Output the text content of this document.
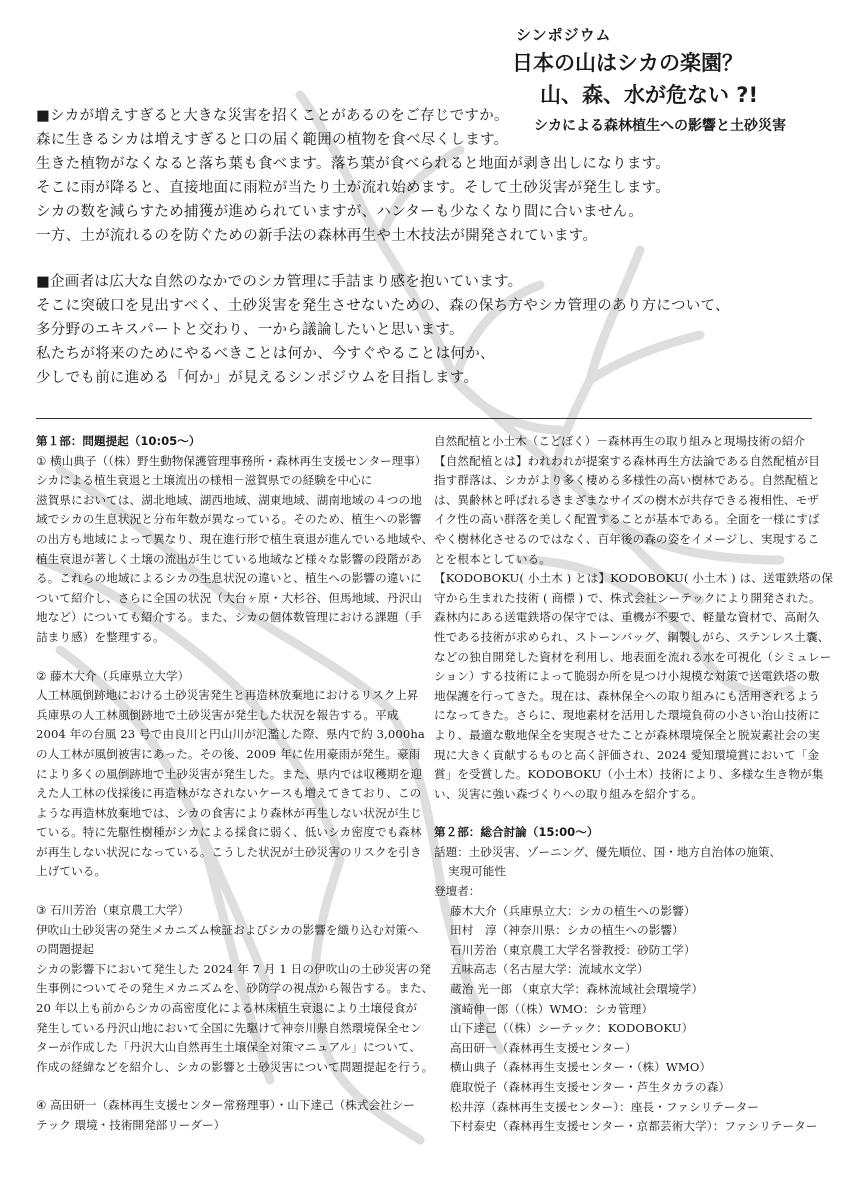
シンポジウム
日本の山はシカの楽園？
山、森、水が危ない ?!
シカによる森林植生への影響と土砂災害
■シカが増えすぎると大きな災害を招くことがあるのをご存じですか。
森に生きるシカは増えすぎると口の届く範囲の植物を食べ尽くします。
生きた植物がなくなると落ち葉も食べます。落ち葉が食べられると地面が剥き出しになります。
そこに雨が降ると、直接地面に雨粒が当たり土が流れ始めます。そして土砂災害が発生します。
シカの数を減らすため捕獲が進められていますが、ハンターも少なくなり間に合いません。
一方、土が流れるのを防ぐための新手法の森林再生や土木技法が開発されています。
■企画者は広大な自然のなかでのシカ管理に手詰まり感を抱いています。
そこに突破口を見出すべく、土砂災害を発生させないための、森の保ち方やシカ管理のあり方について、
多分野のエキスパートと交わり、一から議論したいと思います。
私たちが将来のためにやるべきことは何か、今すぐやることは何か、
少しでも前に進める「何か」が見えるシンポジウムを目指します。
第１部：問題提起（10:05〜）
① 横山典子（（株）野生動物保護管理事務所・森林再生支援センター理事）
シカによる植生衰退と土壌流出の様相－滋賀県での経験を中心に
滋賀県においては、湖北地域、湖西地域、湖東地域、湖南地域の４つの地
域でシカの生息状況と分布年数が異なっている。そのため、植生への影響
の出方も地域によって異なり、現在進行形で植生衰退が進んでいる地域や、
植生衰退が著しく土壌の流出が生じている地域など様々な影響の段階があ
る。これらの地域によるシカの生息状況の違いと、植生への影響の違いに
ついて紹介し、さらに全国の状況（大台ヶ原・大杉谷、但馬地域、丹沢山
地など）についても紹介する。また、シカの個体数管理における課題（手
詰まり感）を整理する。
② 藤木大介（兵庫県立大学）
人工林風倒跡地における土砂災害発生と再造林放棄地におけるリスク上昇
兵庫県の人工林風倒跡地で土砂災害が発生した状況を報告する。平成
2004 年の台風 23 号で由良川と円山川が氾濫した際、県内で約 3,000ha
の人工林が風倒被害にあった。その後、2009 年に佐用豪雨が発生。豪雨
により多くの風倒跡地で土砂災害が発生した。また、県内では収穫期を迎
えた人工林の伐採後に再造林がなされないケースも増えてきており、この
ような再造林放棄地では、シカの食害により森林が再生しない状況が生じ
ている。特に先駆性樹種がシカによる採食に弱く、低いシカ密度でも森林
が再生しない状況になっている。こうした状況が土砂災害のリスクを引き
上げている。
③ 石川芳治（東京農工大学）
伊吹山土砂災害の発生メカニズム検証およびシカの影響を織り込む対策へ
の問題提起
シカの影響下において発生した 2024 年 7 月 1 日の伊吹山の土砂災害の発
生事例についてその発生メカニズムを、砂防学の視点から報告する。また、
20 年以上も前からシカの高密度化による林床植生衰退により土壌侵食が
発生している丹沢山地において全国に先駆けて神奈川県自然環境保全セン
ターが作成した「丹沢大山自然再生土壌保全対策マニュアル」について、
作成の経緯などを紹介し、シカの影響と土砂災害について問題提起を行う。
④ 高田研一（森林再生支援センター常務理事）・山下達己（株式会社シー
テック 環境・技術開発部リーダー）
自然配植と小土木（こどぼく）－森林再生の取り組みと現場技術の紹介
【自然配植とは】われわれが提案する森林再生方法論である自然配植が目
指す群落は、シカがより多く棲める多様性の高い樹林である。自然配植と
は、異齢林と呼ばれるさまざまなサイズの樹木が共存できる複相性、モザ
イク性の高い群落を美しく配置することが基本である。全面を一様にすば
やく樹林化させるのではなく、百年後の森の姿をイメージし、実現するこ
とを根本としている。
【KODOBOKU( 小土木 ) とは】KODOBOKU( 小土木 ) は、送電鉄塔の保
守から生まれた技術 ( 商標 ) で、株式会社シーテックにより開発された。
森林内にある送電鉄塔の保守では、重機が不要で、軽量な資材で、高耐久
性である技術が求められ、ストーンバッグ、鋼製しがら、ステンレス土囊、
などの独自開発した資材を利用し、地表面を流れる水を可視化（シミュレー
ション）する技術によって脆弱か所を見つけ小規模な対策で送電鉄塔の敷
地保護を行ってきた。現在は、森林保全への取り組みにも活用されるよう
になってきた。さらに、現地素材を活用した環境負荷の小さい治山技術に
より、最適な敷地保全を実現させたことが森林環境保全と脱炭素社会の実
現に大きく貢献するものと高く評価され、2024 愛知環境賞において「金
賞」を受賞した。KODOBOKU（小土木）技術により、多様な生き物が集
い、災害に強い森づくりへの取り組みを紹介する。
第２部：総合討論（15:00〜）
話題：土砂災害、ゾーニング、優先順位、国・地方自治体の施策、
実現可能性
登壇者：
藤木大介（兵庫県立大：シカの植生への影響）
田村　淳（神奈川県：シカの植生への影響）
石川芳治（東京農工大学名誉教授：砂防工学）
五味高志（名古屋大学：流域水文学）
蔵治 光一郎 （東京大学：森林流域社会環境学）
濱崎伸一郎（（株）WMO：シカ管理）
山下達己（（株）シーテック：KODOBOKU）
高田研一（森林再生支援センター）
横山典子（森林再生支援センター・（株）WMO）
鹿取悦子（森林再生支援センター・芦生タカラの森）
松井淳（森林再生支援センター）：座長・ファシリテーター
下村泰史（森林再生支援センター・京都芸術大学）：ファシリテーター
